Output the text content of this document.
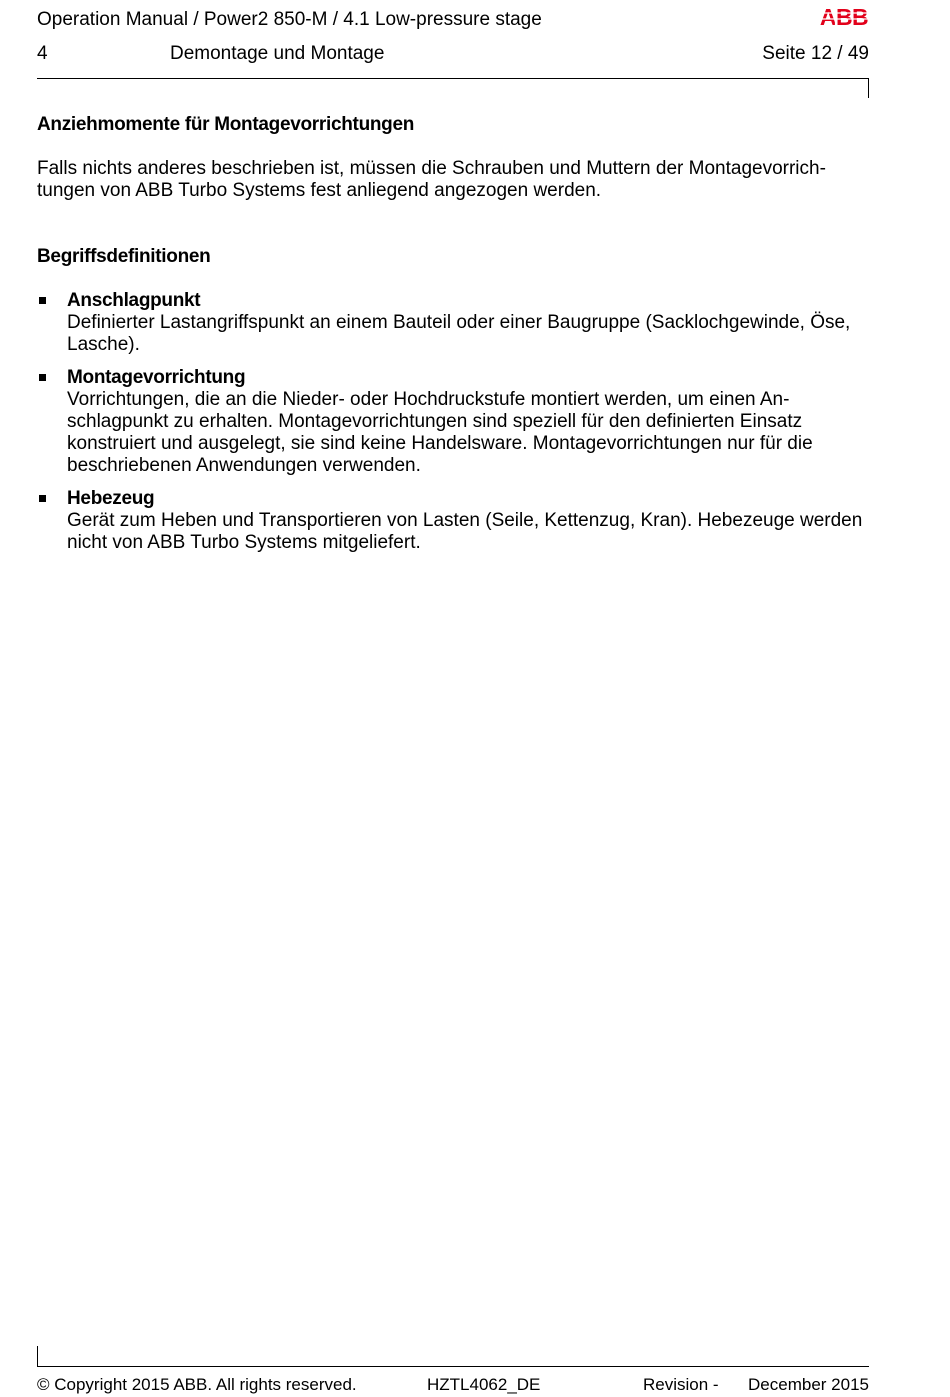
Operation Manual / Power2 850-M / 4.1 Low-pressure stage	ABB
4	Demontage und Montage	Seite 12 / 49
Anziehmomente für Montagevorrichtungen

Falls nichts anderes beschrieben ist, müssen die Schrauben und Muttern der Montagevorrich-tungen von ABB Turbo Systems fest anliegend angezogen werden.

Begriffsdefinitionen
Anschlagpunkt
Definierter Lastangriffspunkt an einem Bauteil oder einer Baugruppe (Sacklochgewinde, Öse, Lasche).
Montagevorrichtung
Vorrichtungen, die an die Nieder- oder Hochdruckstufe montiert werden, um einen An-schlagpunkt zu erhalten. Montagevorrichtungen sind speziell für den definierten Einsatz konstruiert und ausgelegt, sie sind keine Handelsware. Montagevorrichtungen nur für die beschriebenen Anwendungen verwenden.
Hebezeug
Gerät zum Heben und Transportieren von Lasten (Seile, Kettenzug, Kran). Hebezeuge werden nicht von ABB Turbo Systems mitgeliefert.
© Copyright 2015 ABB. All rights reserved.	HZTL4062_DE	Revision - December 2015
